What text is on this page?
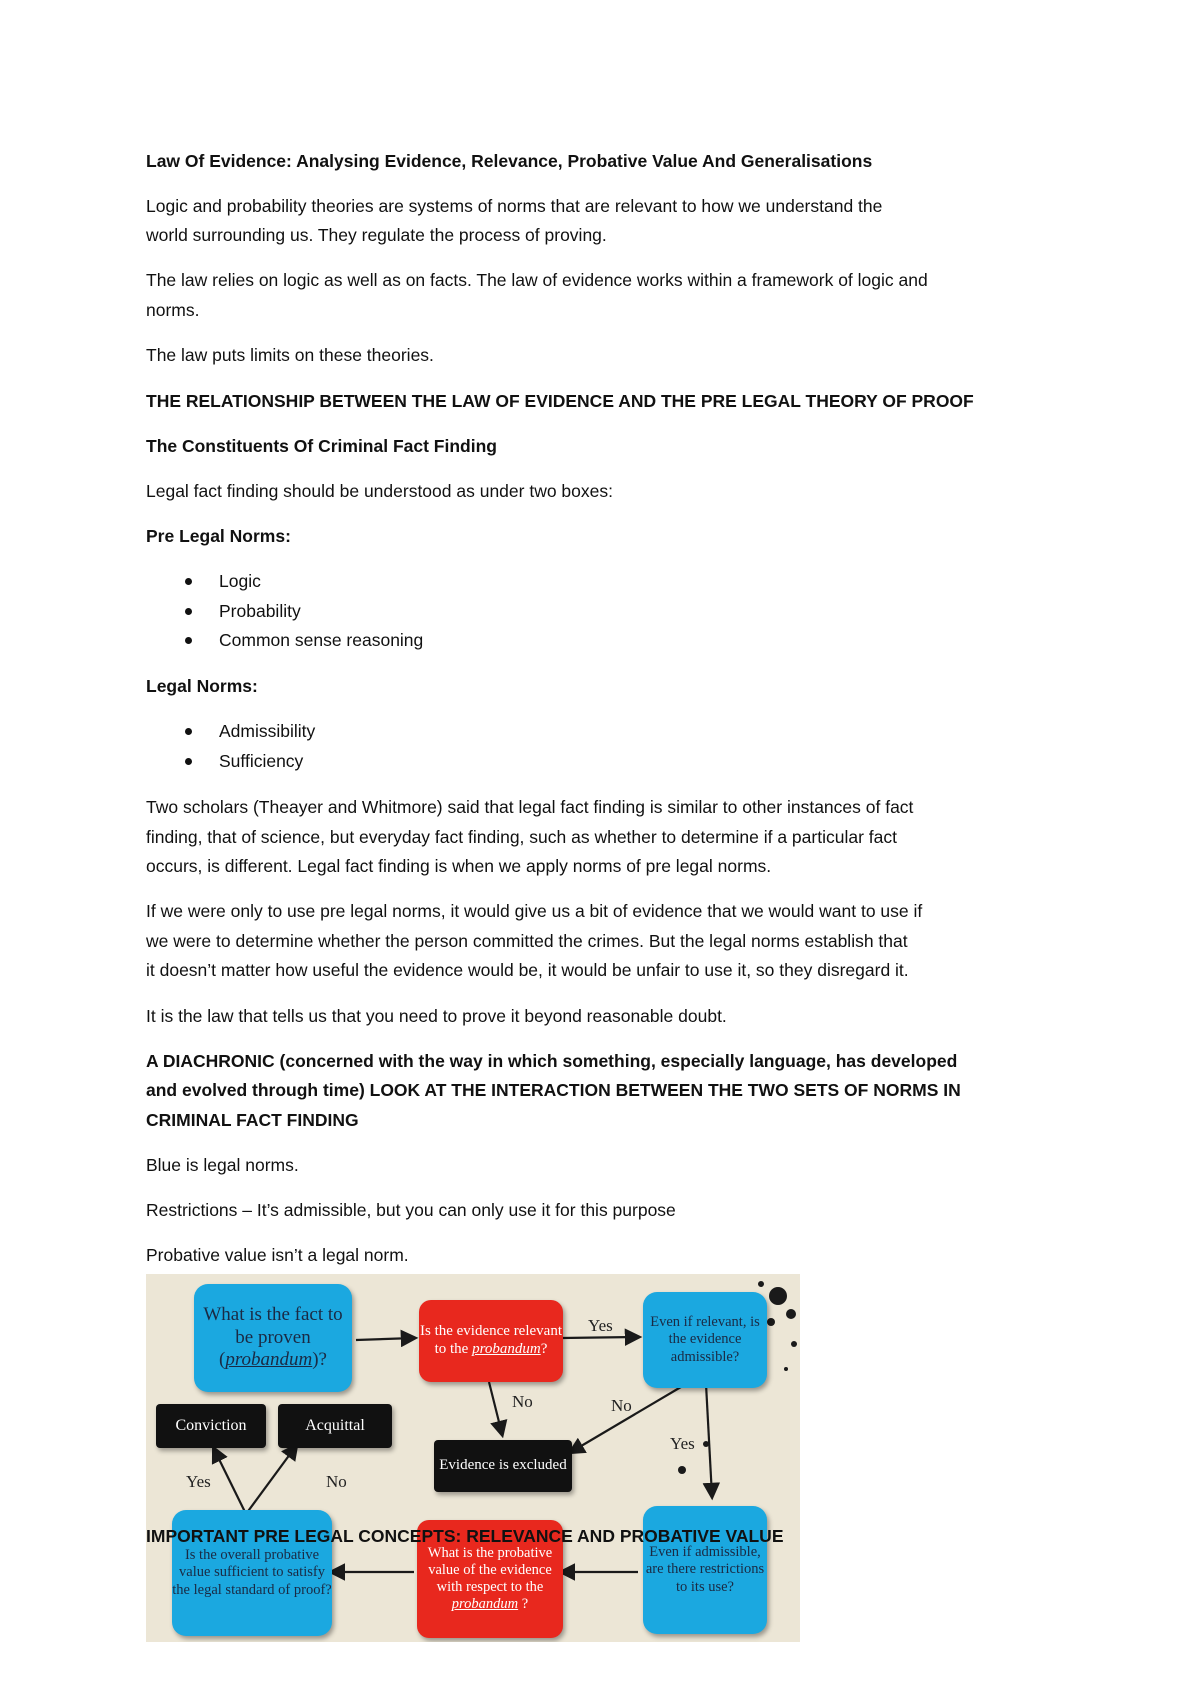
Law Of Evidence: Analysing Evidence, Relevance, Probative Value And Generalisations

Logic and probability theories are systems of norms that are relevant to how we understand the

world surrounding us. They regulate the process of proving.

The law relies on logic as well as on facts. The law of evidence works within a framework of logic and

norms.

The law puts limits on these theories.

THE RELATIONSHIP BETWEEN THE LAW OF EVIDENCE AND THE PRE LEGAL THEORY OF PROOF

The Constituents Of Criminal Fact Finding

Legal fact finding should be understood as under two boxes:

Pre Legal Norms:

Logic
Probability
Common sense reasoning

Legal Norms:

Admissibility
Sufficiency

Two scholars (Theayer and Whitmore) said that legal fact finding is similar to other instances of fact

finding, that of science, but everyday fact finding, such as whether to determine if a particular fact

occurs, is different. Legal fact finding is when we apply norms of pre legal norms.

If we were only to use pre legal norms, it would give us a bit of evidence that we would want to use if

we were to determine whether the person committed the crimes. But the legal norms establish that

it doesn’t matter how useful the evidence would be, it would be unfair to use it, so they disregard it.

It is the law that tells us that you need to prove it beyond reasonable doubt.

A DIACHRONIC (concerned with the way in which something, especially language, has developed

and evolved through time) LOOK AT THE INTERACTION BETWEEN THE TWO SETS OF NORMS IN

CRIMINAL FACT FINDING

Blue is legal norms.

Restrictions – It’s admissible, but you can only use it for this purpose

Probative value isn’t a legal norm.

What is the fact to be proven (probandum)?
Is the evidence relevant to the probandum?
Even if relevant, is the evidence admissible?
Evidence is excluded
Conviction	Acquittal
Even if admissible, are there restrictions to its use?
What is the probative value of the evidence with respect to the probandum ?
Is the overall probative value sufficient to satisfy the legal standard of proof?
Yes
No	No
Yes
Yes	No
IMPORTANT PRE LEGAL CONCEPTS: RELEVANCE AND PROBATIVE VALUE
